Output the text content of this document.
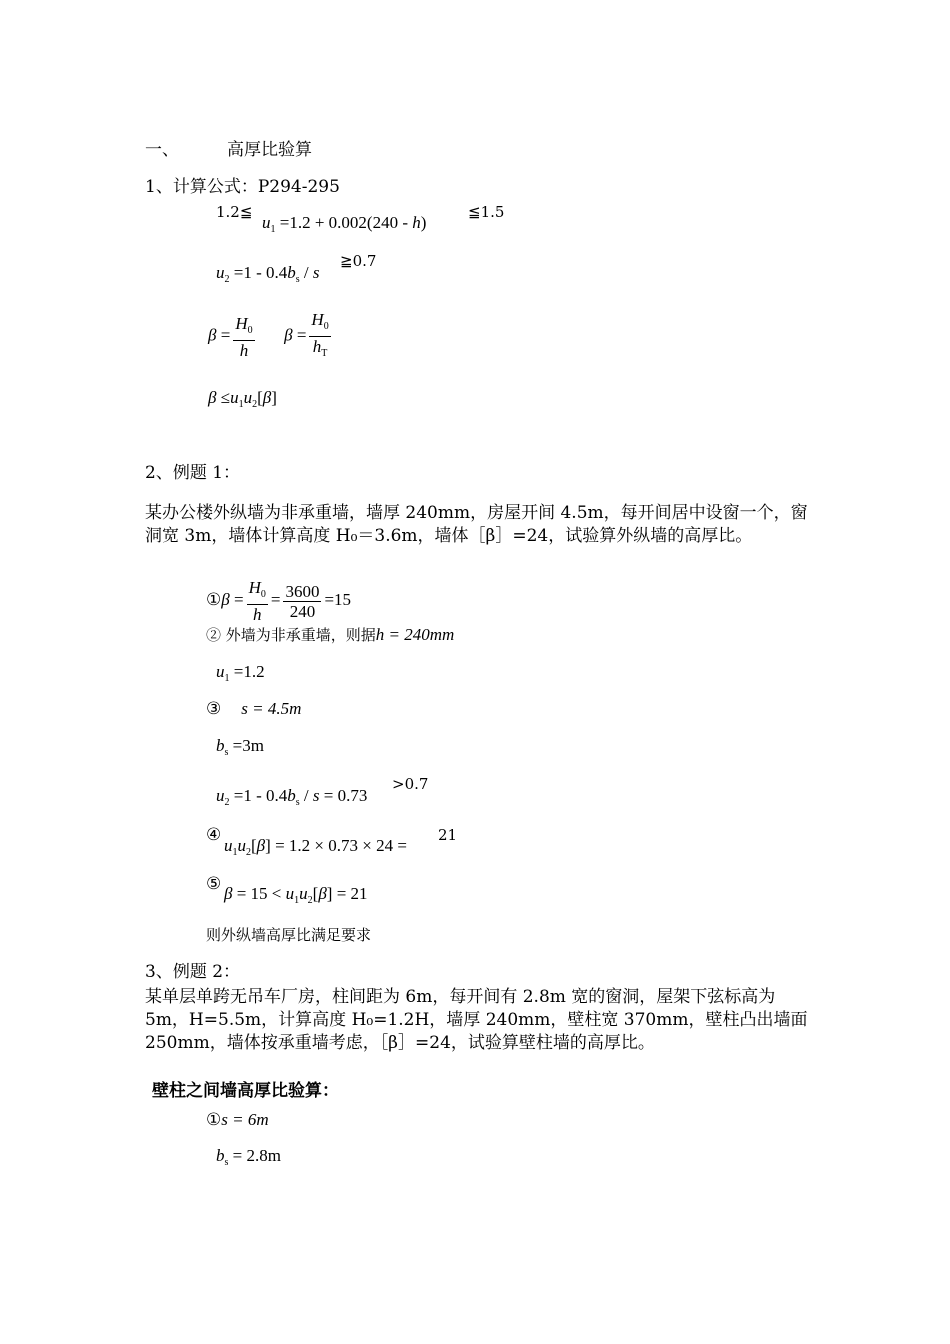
一、	高厚比验算
1、计算公式：P294-295
1.2≦
$u_1 =1.2 + 0.002(240 - h)$
≦1.5
$u_2 =1 - 0.4b_s / s$
≧0.7
$\beta = \frac{H_0}{h}$ $\beta = \frac{H_0}{h_T}$
$\beta \le u_1u_2[\beta]$
2、例题 1：
某办公楼外纵墙为非承重墙，墙厚 240mm，房屋开间 4.5m，每开间居中设窗一个，窗洞宽 3m，墙体计算高度 H₀＝3.6m，墙体［β］=24，试验算外纵墙的高厚比。
①β = $\frac{H_0}{h} = \frac{3600}{240} =15$
② 外墙为非承重墙，则据h = 240mm
$u_1 =1.2$
③ s = 4.5m
$b_s =3m$
$u_2 =1 - 0.4b_s / s = 0.73$
>0.7
④
$u_1u_2[\beta] = 1.2 \times 0.73 \times 24$ =
21
⑤
$\beta = 15 < u_1u_2[\beta] = 21$
则外纵墙高厚比满足要求
3、例题 2：
某单层单跨无吊车厂房，柱间距为 6m，每开间有 2.8m 宽的窗洞，屋架下弦标高为5m，H=5.5m，计算高度 H₀=1.2H，墙厚 240mm，壁柱宽 370mm，壁柱凸出墙面 250mm，墙体按承重墙考虑，［β］=24，试验算壁柱墙的高厚比。
壁柱之间墙高厚比验算：
①s = 6m
$b_s = 2.8m$
